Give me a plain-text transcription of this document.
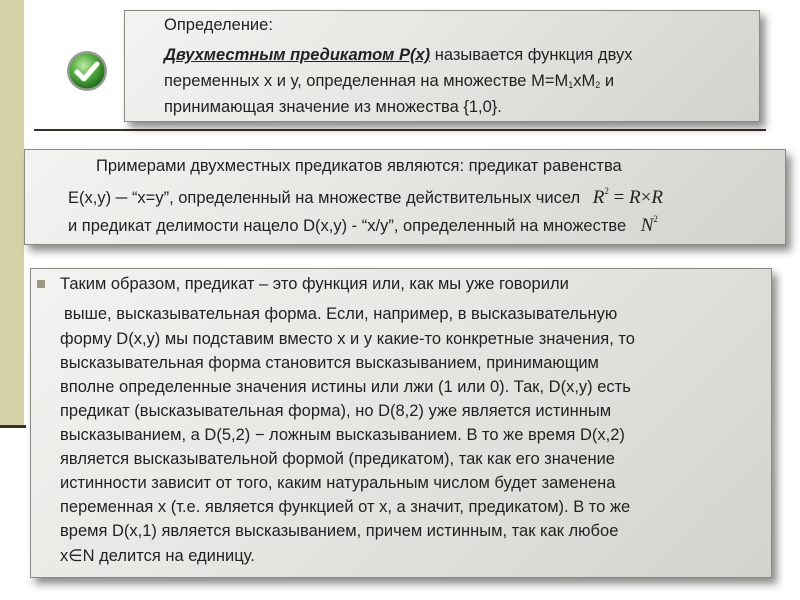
Определение:
Двухместным предикатом P(x) называется функция двух
переменных х и у, определенная на множестве $М=М_1хМ_2$ и
принимающая значение из множества {1,0}.
Примерами двухместных предикатов являются: предикат равенства
E(x,y) ─ “x=y”, определенный на множестве действительных чисел $R^2 = R\times R$
и предикат делимости нацело D(x,y) - “x/y”, определенный на множестве $N^2$
Таким образом, предикат – это функция или, как мы уже говорили
выше, высказывательная форма. Если, например, в высказывательную
форму D(x,y) мы подставим вместо х и у какие-то конкретные значения, то
высказывательная форма становится высказыванием, принимающим
вполне определенные значения истины или лжи (1 или 0). Так, D(x,y) есть
предикат (высказывательная форма), но D(8,2) уже является истинным
высказыванием, а D(5,2) − ложным высказыванием. В то же время D(x,2)
является высказывательной формой (предикатом), так как его значение
истинности зависит от того, каким натуральным числом будет заменена
переменная х (т.е. является функцией от х, а значит, предикатом). В то же
время D(x,1) является высказыванием, причем истинным, так как любое
х∈N делится на единицу.
